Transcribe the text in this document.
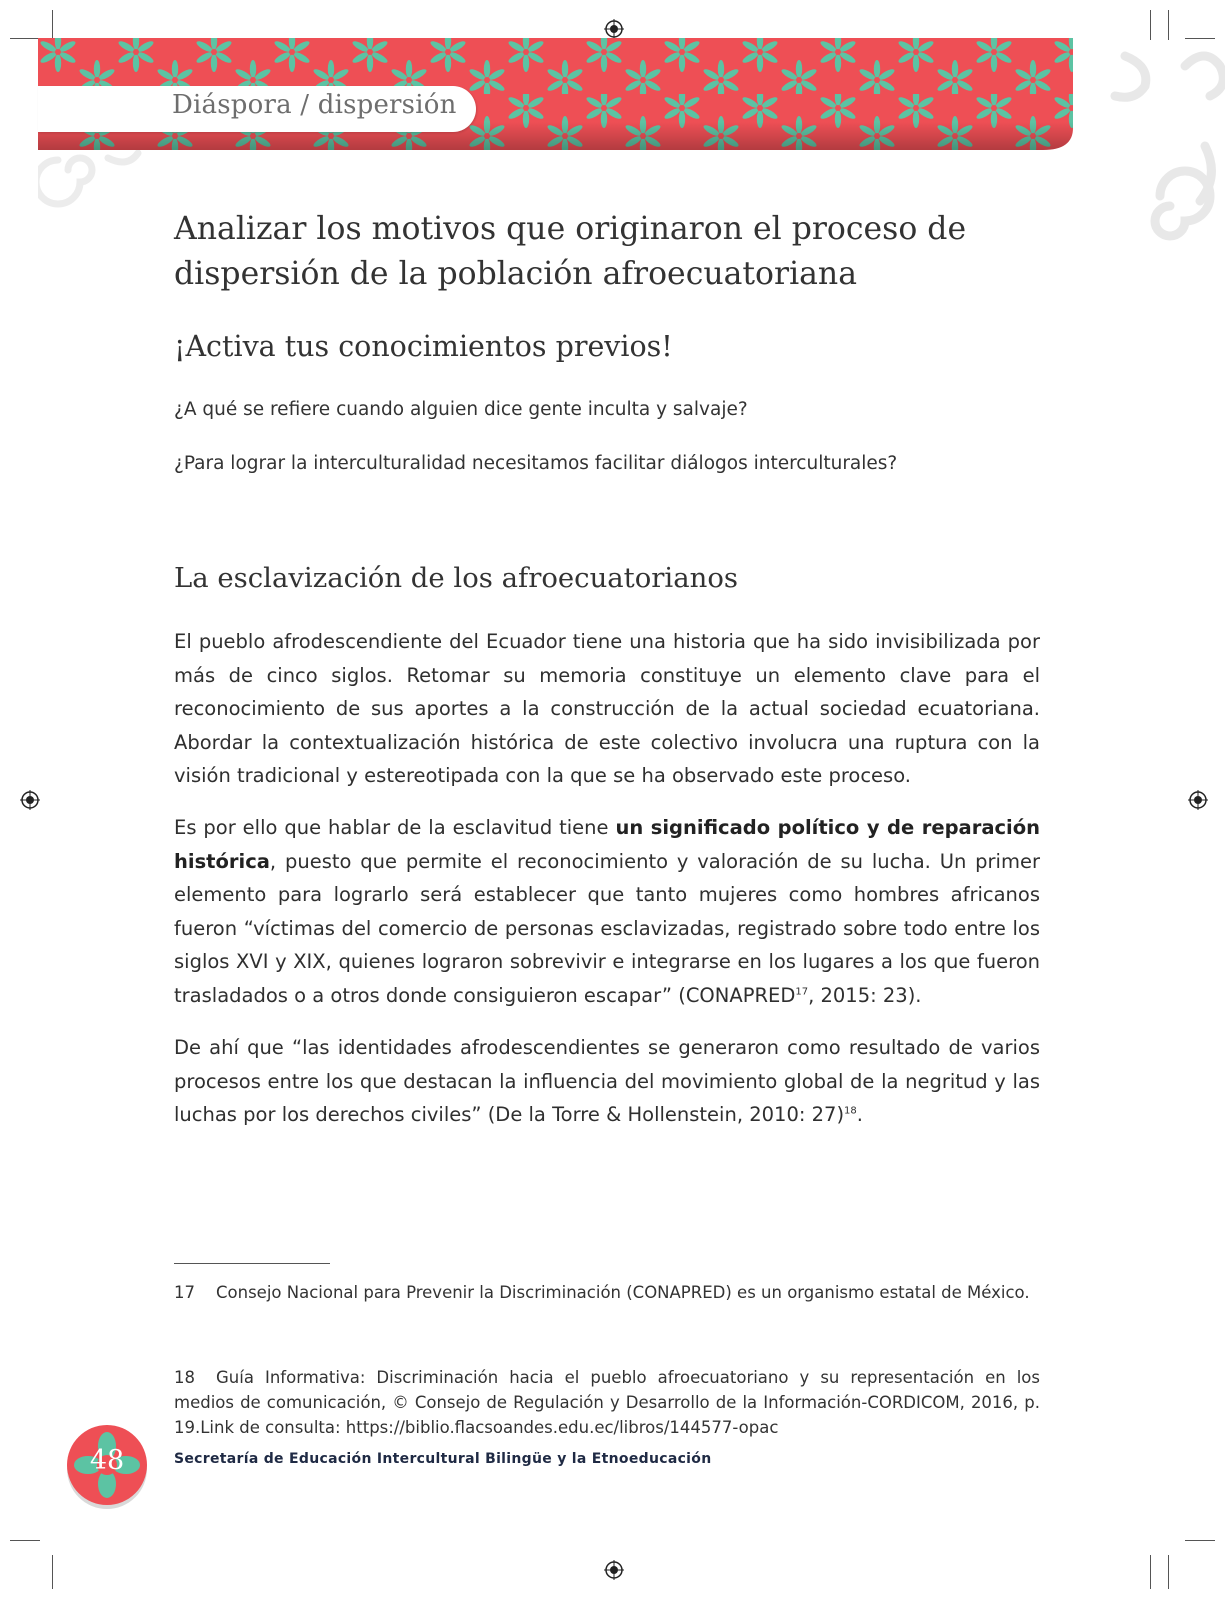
Diáspora / dispersión
Analizar los motivos que originaron el proceso de dispersión de la población afroecuatoriana
¡Activa tus conocimientos previos!
¿A qué se refiere cuando alguien dice gente inculta y salvaje?
¿Para lograr la interculturalidad necesitamos facilitar diálogos interculturales?
La esclavización de los afroecuatorianos
El pueblo afrodescendiente del Ecuador tiene una historia que ha sido invisibilizada por más de cinco siglos. Retomar su memoria constituye un elemento clave para el reconocimiento de sus aportes a la construcción de la actual sociedad ecuatoriana. Abordar la contextualización histórica de este colectivo involucra una ruptura con la visión tradicional y estereotipada con la que se ha observado este proceso.
Es por ello que hablar de la esclavitud tiene un significado político y de reparación histórica, puesto que permite el reconocimiento y valoración de su lucha. Un primer elemento para lograrlo será establecer que tanto mujeres como hombres africanos fueron “víctimas del comercio de personas esclavizadas, registrado sobre todo entre los siglos XVI y XIX, quienes lograron sobrevivir e integrarse en los lugares a los que fueron trasladados o a otros donde consiguieron escapar” (CONAPRED$^{17}$, 2015: 23).
De ahí que “las identidades afrodescendientes se generaron como resultado de varios procesos entre los que destacan la influencia del movimiento global de la negritud y las luchas por los derechos civiles” (De la Torre & Hollenstein, 2010: 27)$^{18}$.
17 Consejo Nacional para Prevenir la Discriminación (CONAPRED) es un organismo estatal de México.
18 Guía Informativa: Discriminación hacia el pueblo afroecuatoriano y su representación en los medios de comunicación, © Consejo de Regulación y Desarrollo de la Información-CORDICOM, 2016, p. 19.Link de consulta: https://biblio.flacsoandes.edu.ec/libros/144577-opac
48	Secretaría de Educación Intercultural Bilingüe y la Etnoeducación
